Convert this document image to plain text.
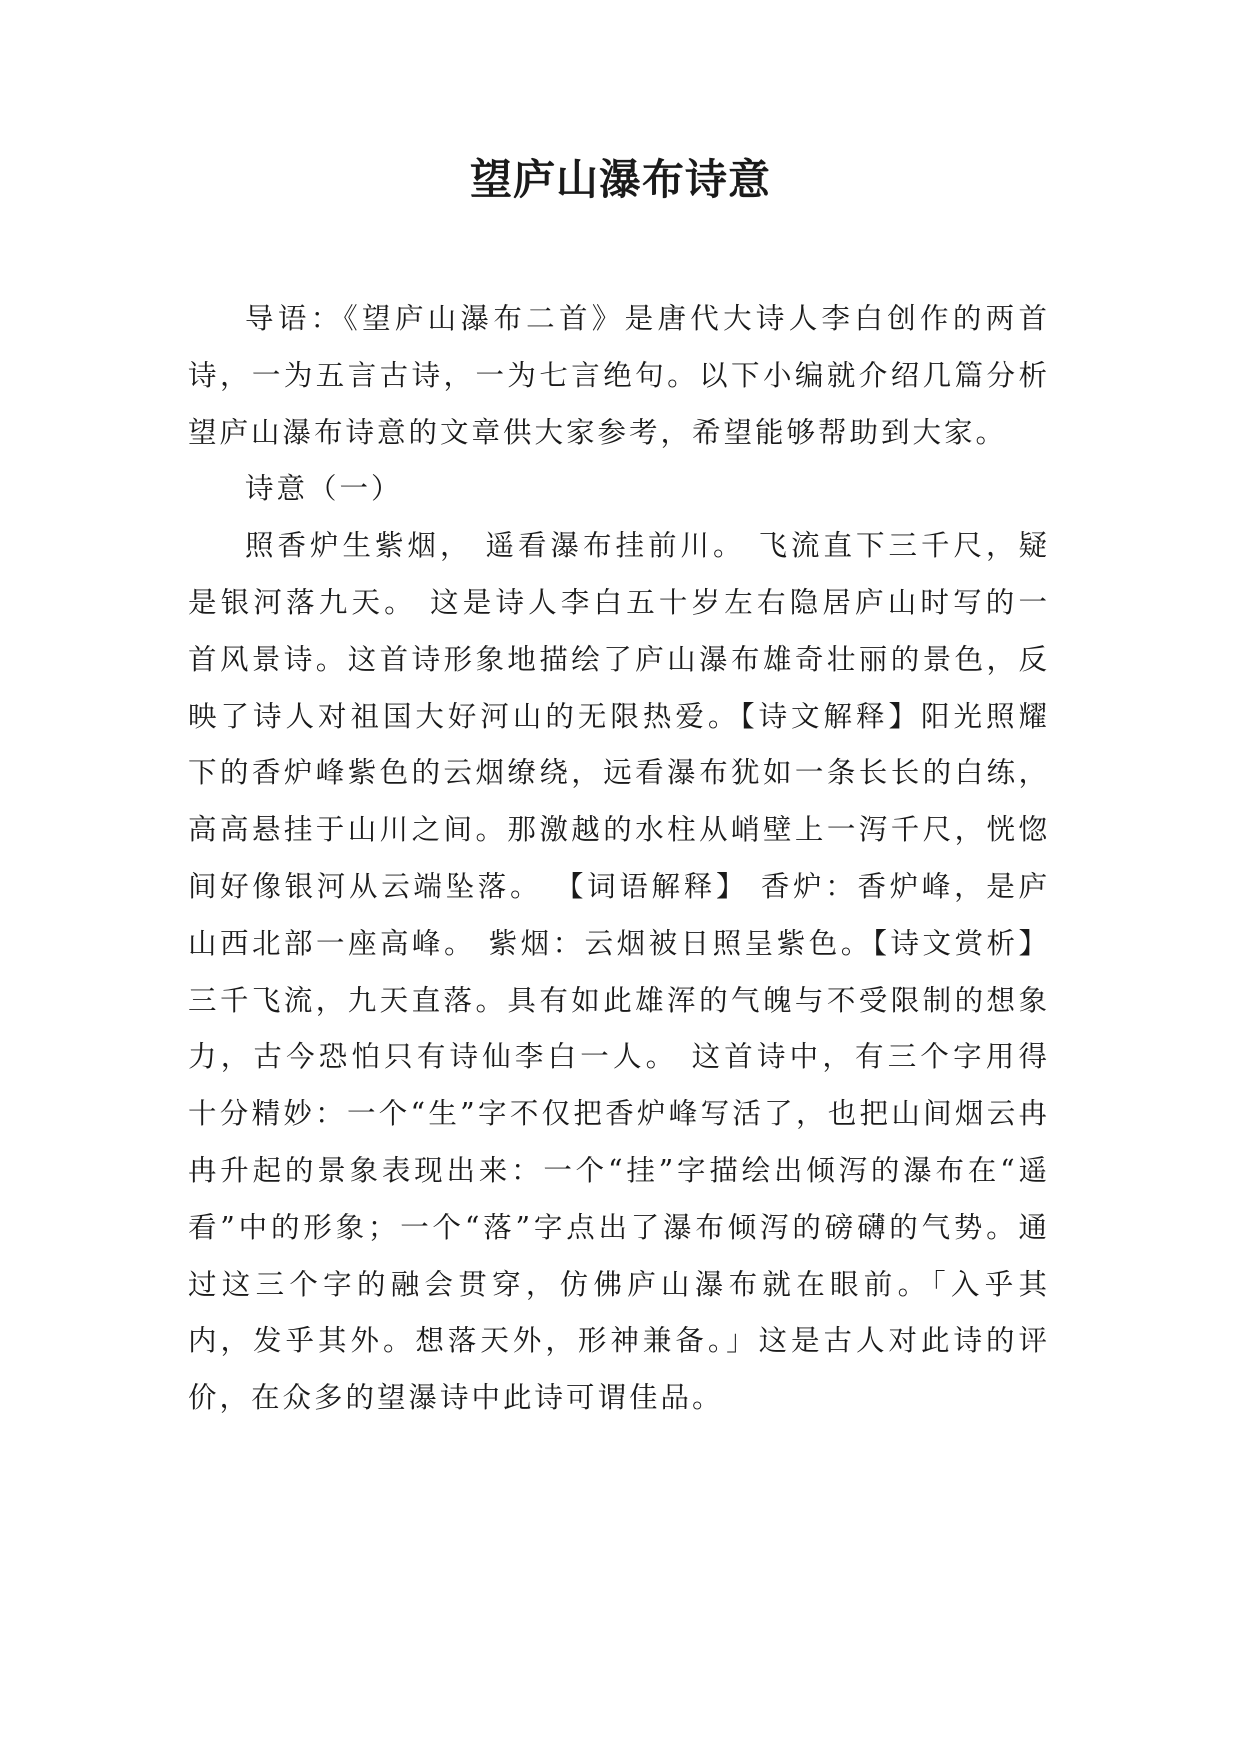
望庐山瀑布诗意

导语：《望庐山瀑布二首》是唐代大诗人李白创作的两首诗，一为五言古诗，一为七言绝句。以下小编就介绍几篇分析望庐山瀑布诗意的文章供大家参考，希望能够帮助到大家。

诗意（一）

照香炉生紫烟， 遥看瀑布挂前川。 飞流直下三千尺，疑是银河落九天。 这是诗人李白五十岁左右隐居庐山时写的一首风景诗。这首诗形象地描绘了庐山瀑布雄奇壮丽的景色，反映了诗人对祖国大好河山的无限热爱。【诗文解释】阳光照耀下的香炉峰紫色的云烟缭绕，远看瀑布犹如一条长长的白练，高高悬挂于山川之间。那激越的水柱从峭壁上一泻千尺，恍惚间好像银河从云端坠落。 【词语解释】 香炉：香炉峰，是庐山西北部一座高峰。 紫烟：云烟被日照呈紫色。【诗文赏析】 三千飞流，九天直落。具有如此雄浑的气魄与不受限制的想象力，古今恐怕只有诗仙李白一人。 这首诗中，有三个字用得十分精妙：一个“生”字不仅把香炉峰写活了，也把山间烟云冉冉升起的景象表现出来：一个“挂”字描绘出倾泻的瀑布在“遥看”中的形象；一个“落”字点出了瀑布倾泻的磅礴的气势。通过这三个字的融会贯穿，仿佛庐山瀑布就在眼前。「入乎其内，发乎其外。想落天外，形神兼备。」这是古人对此诗的评价，在众多的望瀑诗中此诗可谓佳品。
